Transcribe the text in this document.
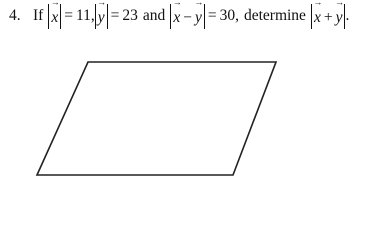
4. If → x = 11 , → y = 23 and → x − → y = 30 , determine → x + → y .
